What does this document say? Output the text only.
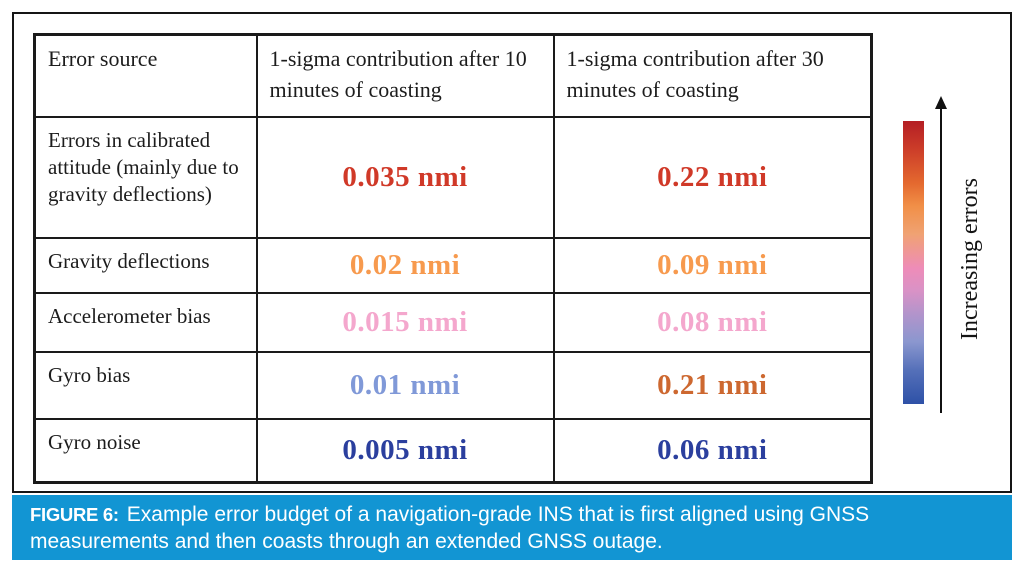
Error source	1-sigma contribution after 10 minutes of coasting	1-sigma contribution after 30 minutes of coasting
Errors in calibrated attitude (mainly due to gravity deflections)	0.035 nmi	0.22 nmi
Gravity deflections	0.02 nmi	0.09 nmi
Accelerometer bias	0.015 nmi	0.08 nmi
Gyro bias	0.01 nmi	0.21 nmi
Gyro noise	0.005 nmi	0.06 nmi
Increasing errors
FIGURE 6: Example error budget of a navigation-grade INS that is first aligned using GNSS measurements and then coasts through an extended GNSS outage.
